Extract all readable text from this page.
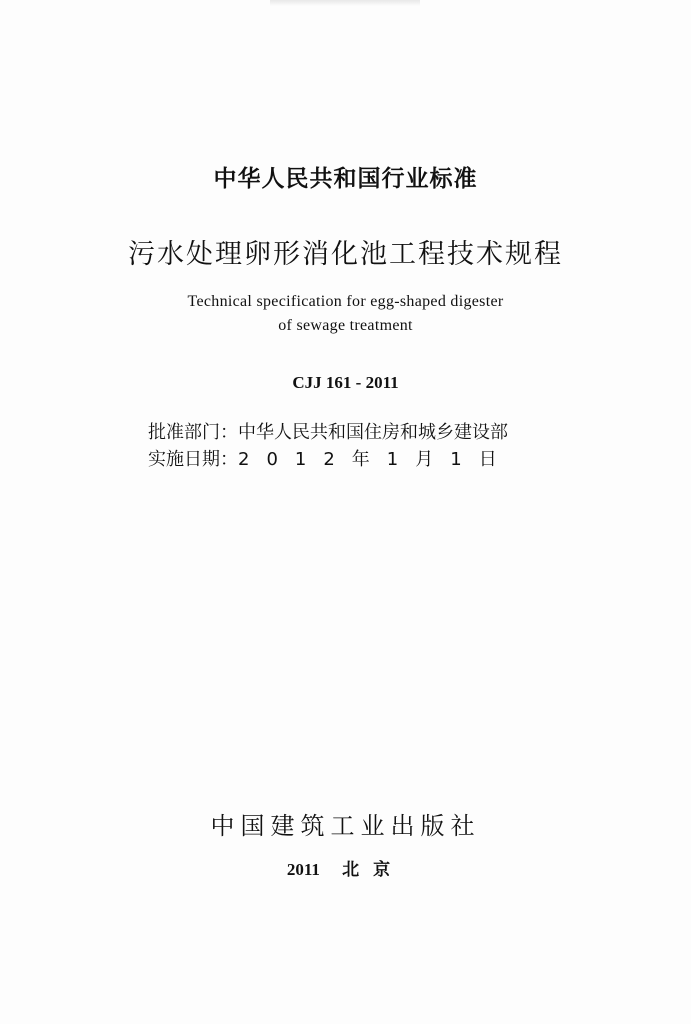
中华人民共和国行业标准
污水处理卵形消化池工程技术规程
Technical specification for egg-shaped digester
of sewage treatment
CJJ 161 - 2011
批准部门：中华人民共和国住房和城乡建设部
实施日期：2012年1月1日
中国建筑工业出版社
2011 北京
